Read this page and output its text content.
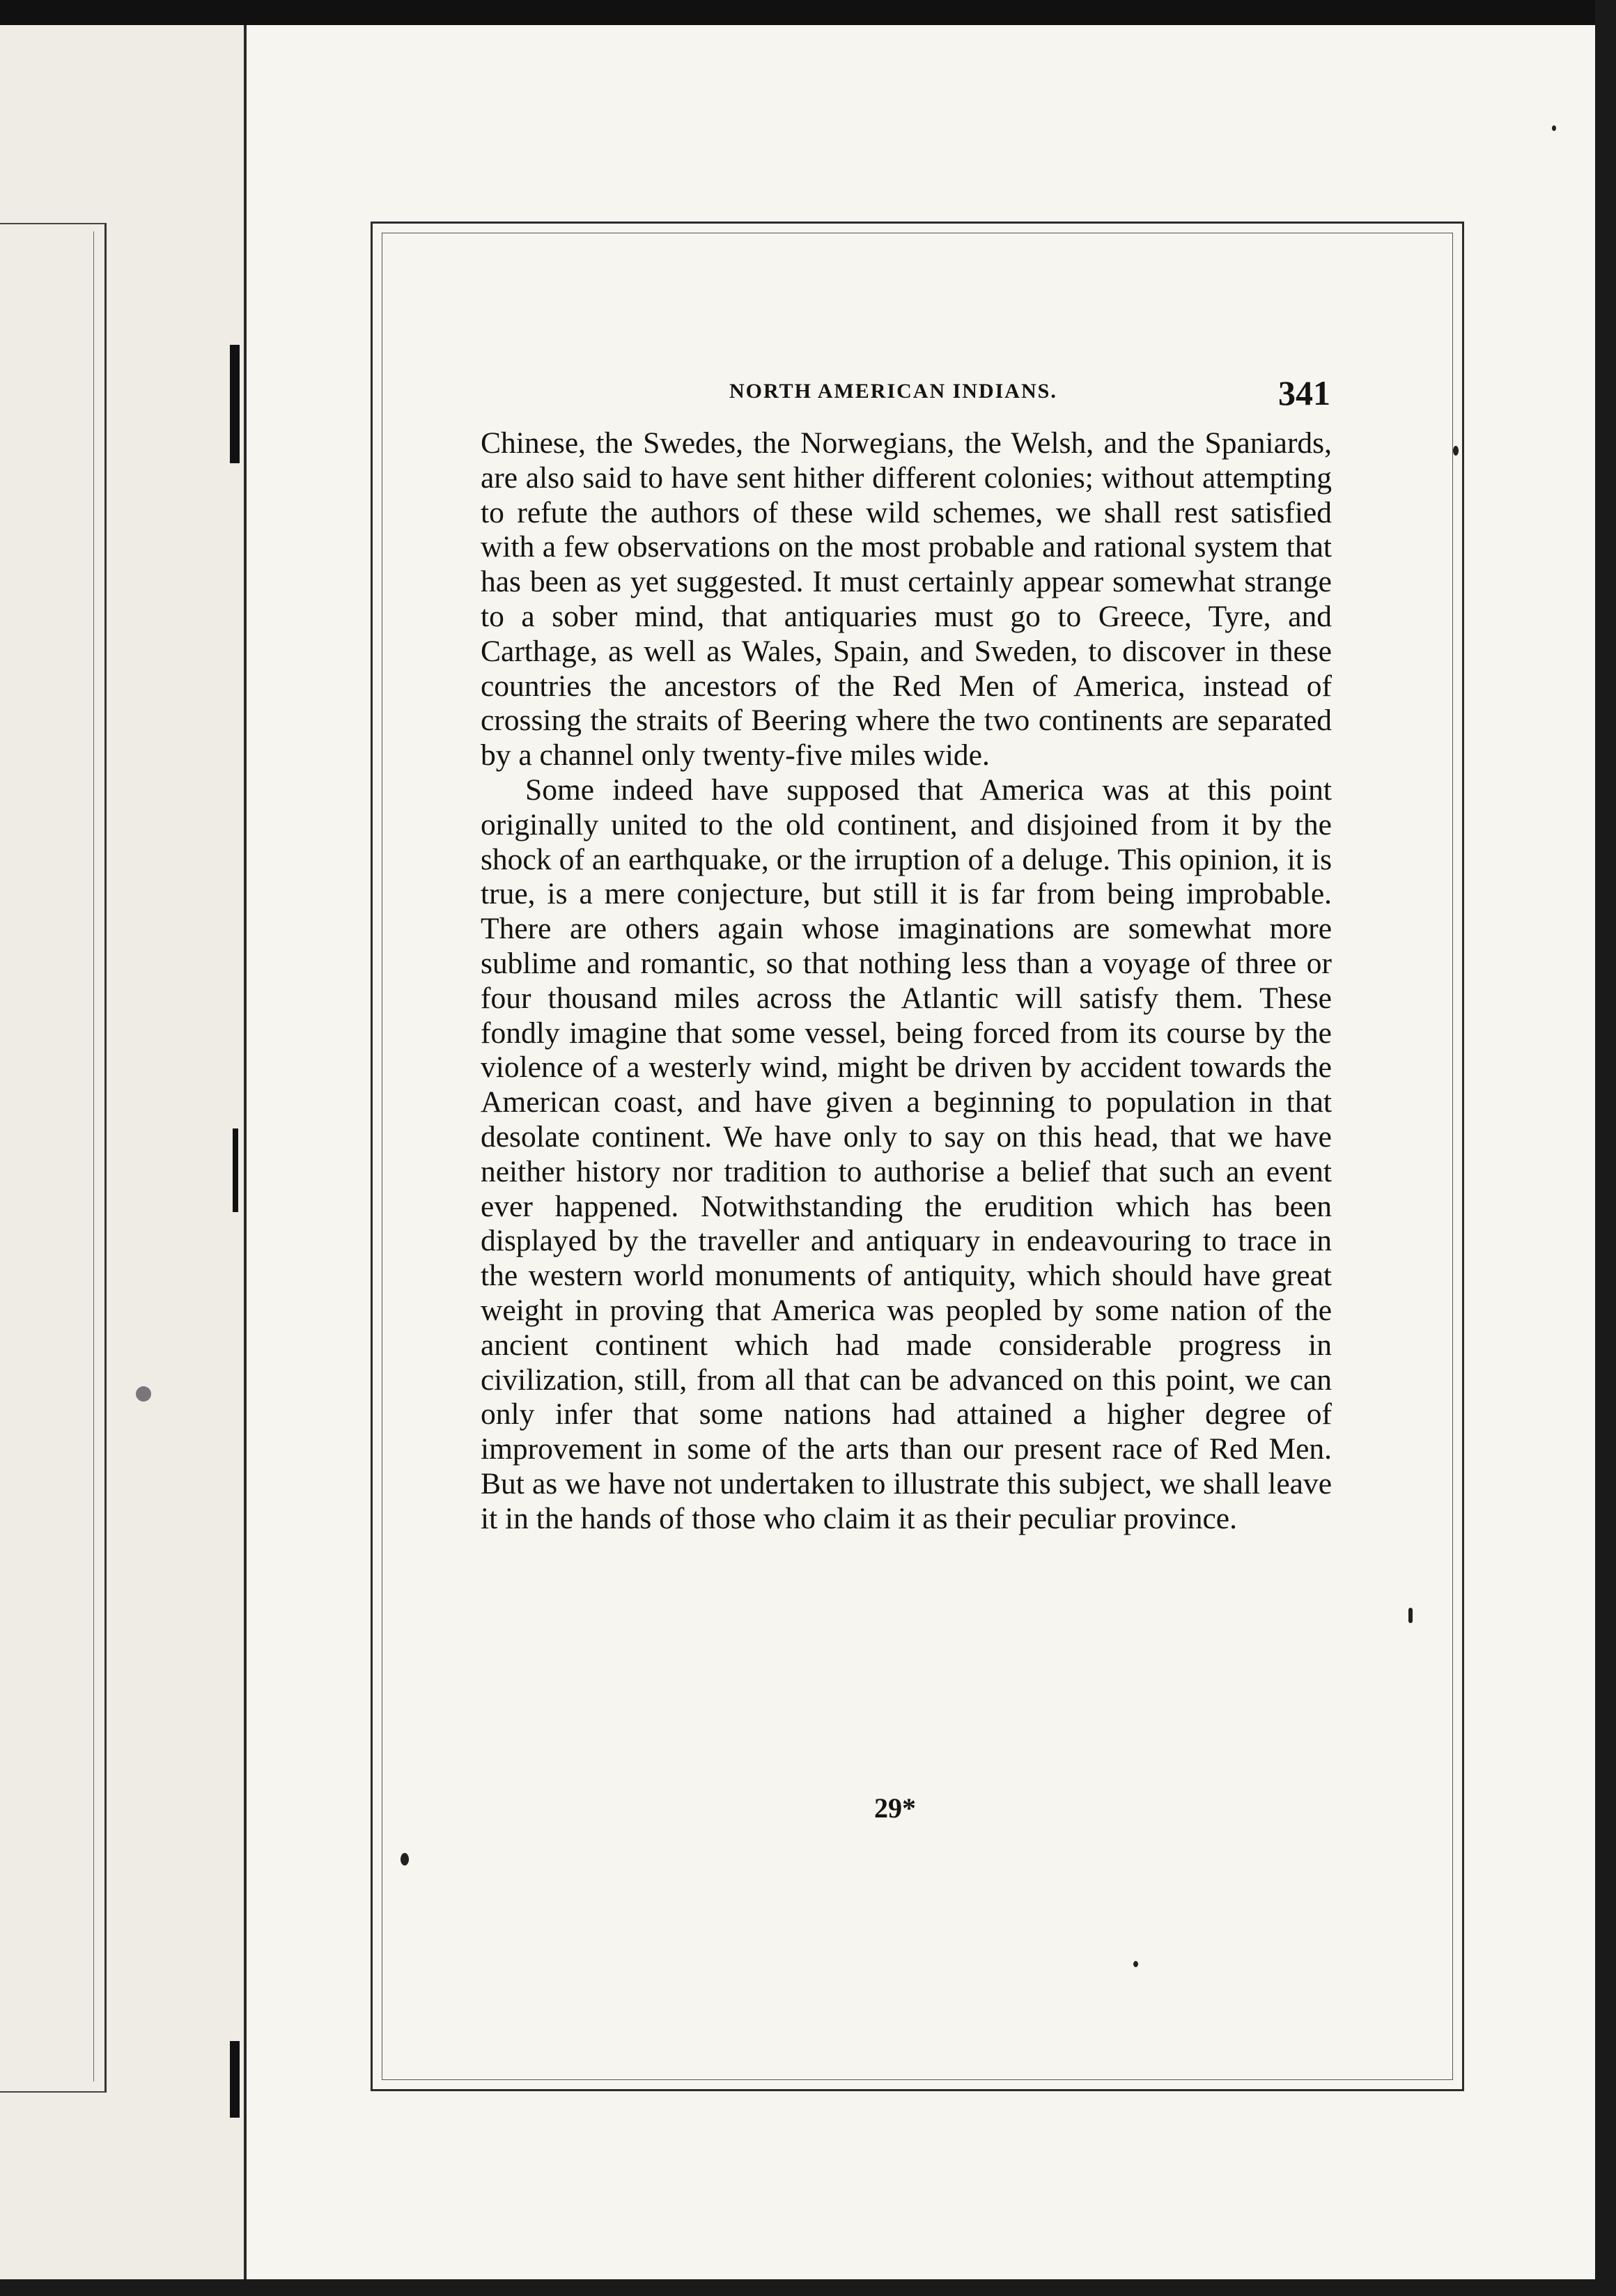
NORTH AMERICAN INDIANS.	341

Chinese, the Swedes, the Norwegians, the Welsh, and the Spaniards, are also said to have sent hither different colonies; without attempting to refute the authors of these wild schemes, we shall rest satisfied with a few observations on the most probable and rational system that has been as yet suggested. It must certainly appear somewhat strange to a sober mind, that antiquaries must go to Greece, Tyre, and Carthage, as well as Wales, Spain, and Sweden, to discover in these countries the ancestors of the Red Men of America, instead of crossing the straits of Beering where the two continents are separated by a channel only twenty-five miles wide.

Some indeed have supposed that America was at this point originally united to the old continent, and disjoined from it by the shock of an earthquake, or the irruption of a deluge. This opinion, it is true, is a mere conjecture, but still it is far from being improbable. There are others again whose imaginations are somewhat more sublime and romantic, so that nothing less than a voyage of three or four thousand miles across the Atlantic will satisfy them. These fondly imagine that some vessel, being forced from its course by the violence of a westerly wind, might be driven by accident towards the American coast, and have given a beginning to population in that desolate continent. We have only to say on this head, that we have neither history nor tradition to authorise a belief that such an event ever happened. Notwithstanding the erudition which has been displayed by the traveller and antiquary in endeavouring to trace in the western world monuments of antiquity, which should have great weight in proving that America was peopled by some nation of the ancient continent which had made considerable progress in civilization, still, from all that can be advanced on this point, we can only infer that some nations had attained a higher degree of improvement in some of the arts than our present race of Red Men. But as we have not undertaken to illustrate this subject, we shall leave it in the hands of those who claim it as their peculiar province.

29*
